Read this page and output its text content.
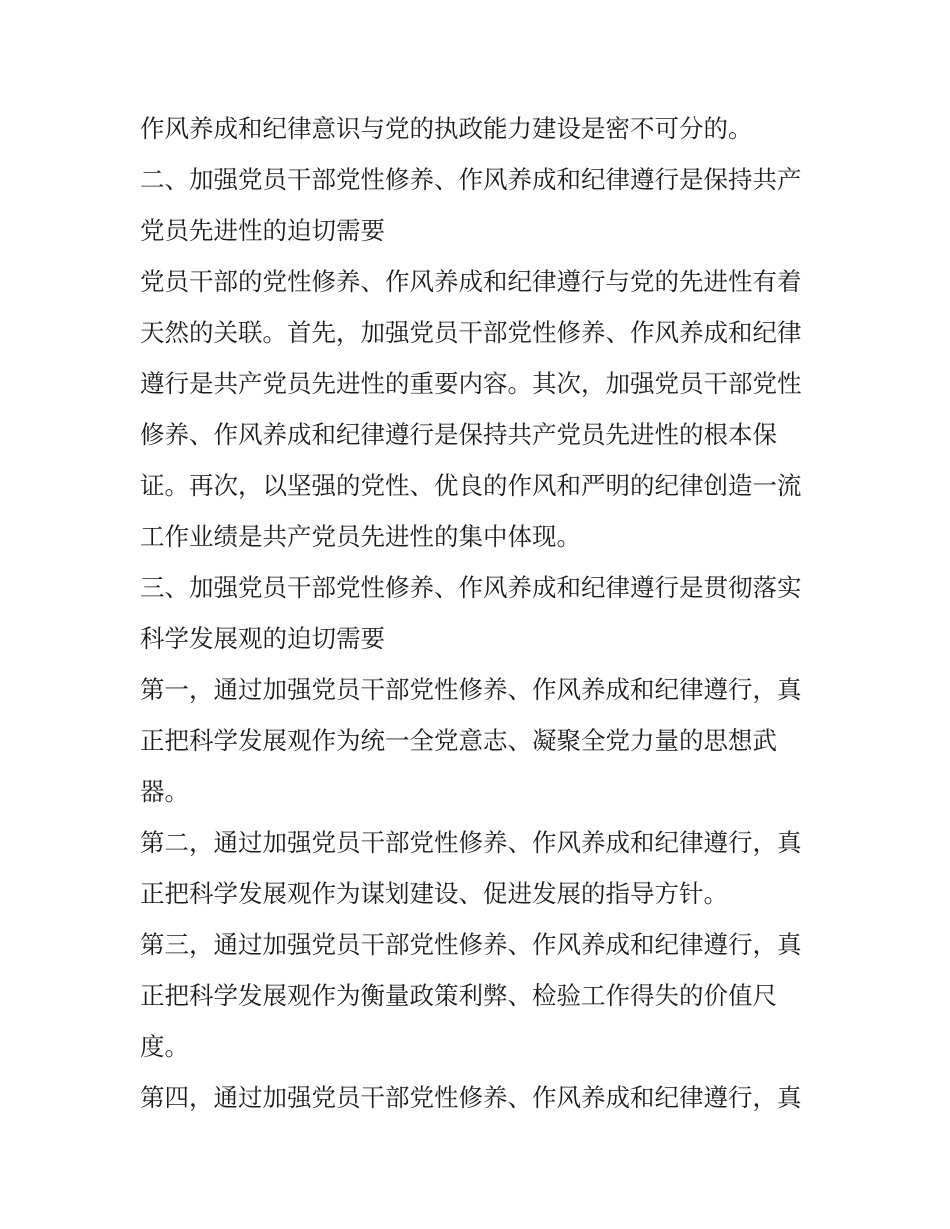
作风养成和纪律意识与党的执政能力建设是密不可分的。

二、加强党员干部党性修养、作风养成和纪律遵行是保持共产党员先进性的迫切需要

党员干部的党性修养、作风养成和纪律遵行与党的先进性有着天然的关联。首先，加强党员干部党性修养、作风养成和纪律遵行是共产党员先进性的重要内容。其次，加强党员干部党性修养、作风养成和纪律遵行是保持共产党员先进性的根本保证。再次，以坚强的党性、优良的作风和严明的纪律创造一流工作业绩是共产党员先进性的集中体现。

三、加强党员干部党性修养、作风养成和纪律遵行是贯彻落实科学发展观的迫切需要

第一，通过加强党员干部党性修养、作风养成和纪律遵行，真正把科学发展观作为统一全党意志、凝聚全党力量的思想武器。

第二，通过加强党员干部党性修养、作风养成和纪律遵行，真正把科学发展观作为谋划建设、促进发展的指导方针。

第三，通过加强党员干部党性修养、作风养成和纪律遵行，真正把科学发展观作为衡量政策利弊、检验工作得失的价值尺度。

第四，通过加强党员干部党性修养、作风养成和纪律遵行，真
